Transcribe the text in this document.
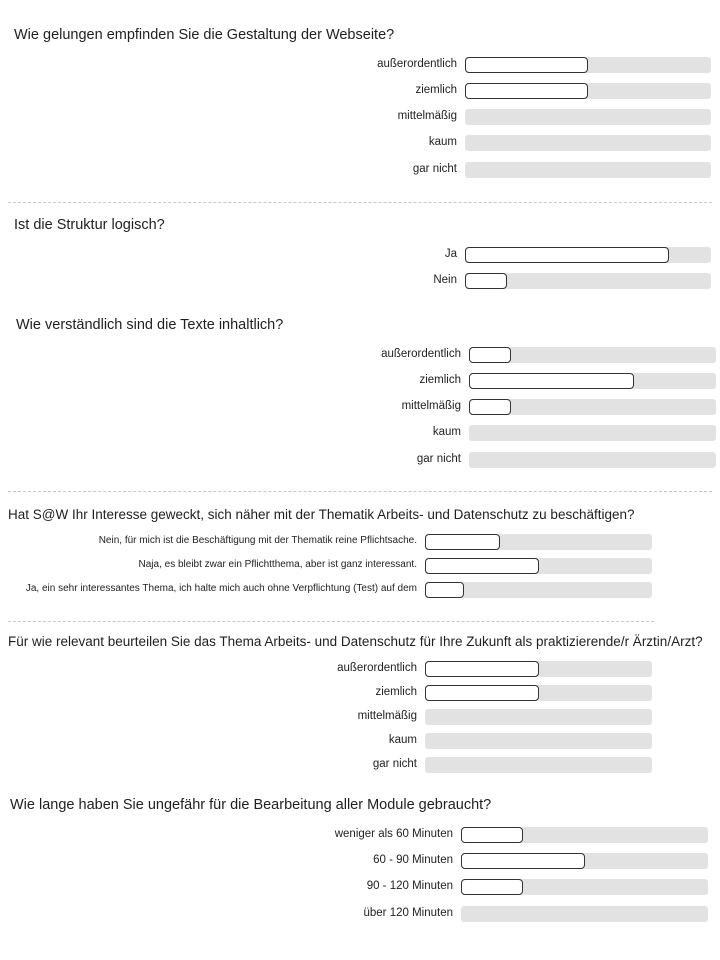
Wie gelungen empfinden Sie die Gestaltung der Webseite?
außerordentlich
ziemlich
mittelmäßig
kaum
gar nicht
Ist die Struktur logisch?
Ja
Nein
Wie verständlich sind die Texte inhaltlich?
außerordentlich
ziemlich
mittelmäßig
kaum
gar nicht
Hat S@W Ihr Interesse geweckt, sich näher mit der Thematik Arbeits- und Datenschutz zu beschäftigen?
Nein, für mich ist die Beschäftigung mit der Thematik reine Pflichtsache.
Naja, es bleibt zwar ein Pflichtthema, aber ist ganz interessant.
Ja, ein sehr interessantes Thema, ich halte mich auch ohne Verpflichtung (Test) auf dem
Für wie relevant beurteilen Sie das Thema Arbeits- und Datenschutz für Ihre Zukunft als praktizierende/r Ärztin/Arzt?
außerordentlich
ziemlich
mittelmäßig
kaum
gar nicht
Wie lange haben Sie ungefähr für die Bearbeitung aller Module gebraucht?
weniger als 60 Minuten
60 - 90 Minuten
90 - 120 Minuten
über 120 Minuten
